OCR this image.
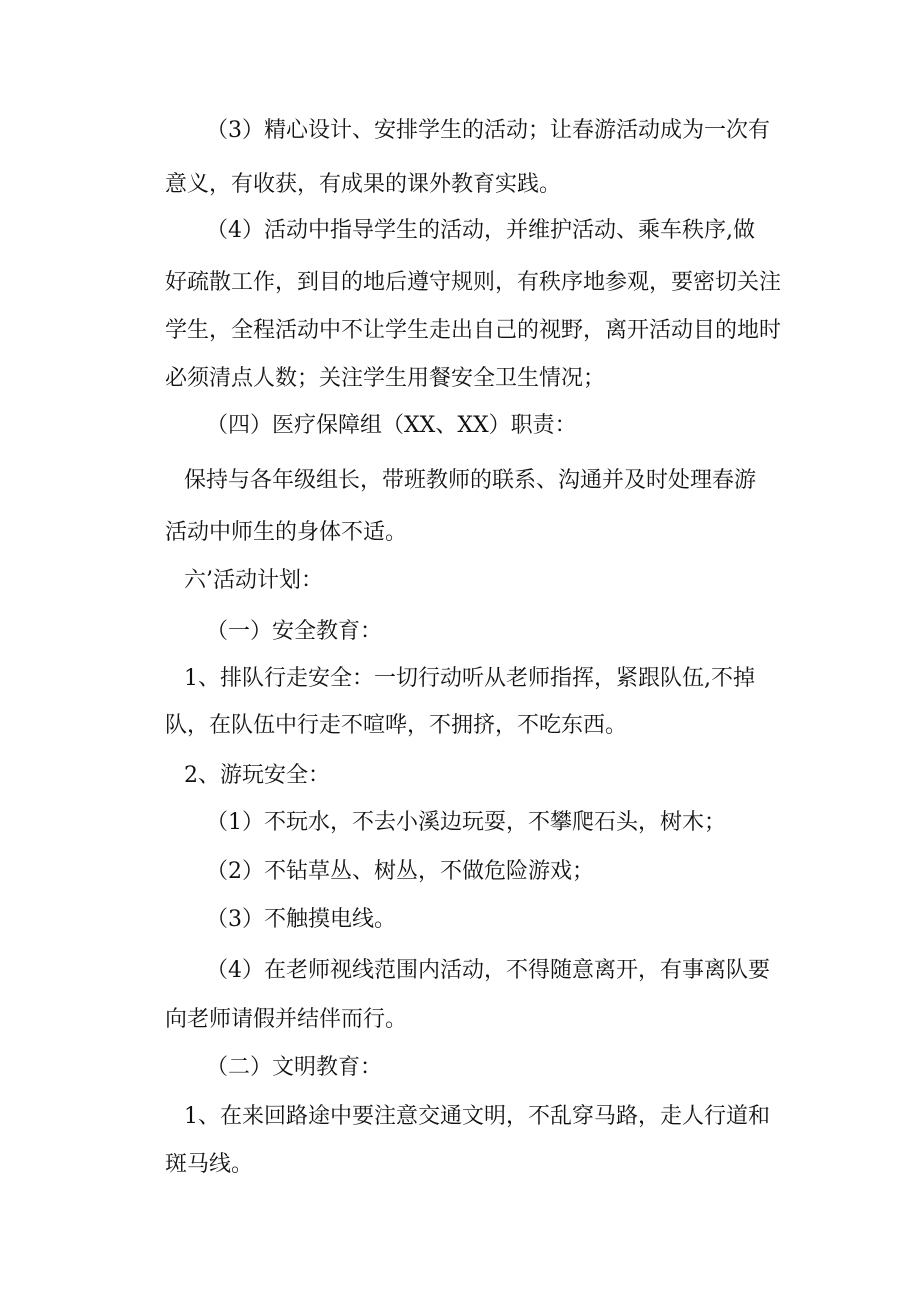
（3）精心设计、安排学生的活动；让春游活动成为一次有
意义，有收获，有成果的课外教育实践。
（4）活动中指导学生的活动，并维护活动、乘车秩序,做
好疏散工作，到目的地后遵守规则，有秩序地参观，要密切关注
学生，全程活动中不让学生走出自己的视野，离开活动目的地时
必须清点人数；关注学生用餐安全卫生情况；
（四）医疗保障组（XX、XX）职责：
保持与各年级组长，带班教师的联系、沟通并及时处理春游
活动中师生的身体不适。
六’活动计划：
（一）安全教育：
1、排队行走安全：一切行动听从老师指挥，紧跟队伍,不掉
队，在队伍中行走不喧哗，不拥挤，不吃东西。
2、游玩安全：
（1）不玩水，不去小溪边玩耍，不攀爬石头，树木；
（2）不钻草丛、树丛，不做危险游戏；
（3）不触摸电线。
（4）在老师视线范围内活动，不得随意离开，有事离队要
向老师请假并结伴而行。
（二）文明教育：
1、在来回路途中要注意交通文明，不乱穿马路，走人行道和
斑马线。
